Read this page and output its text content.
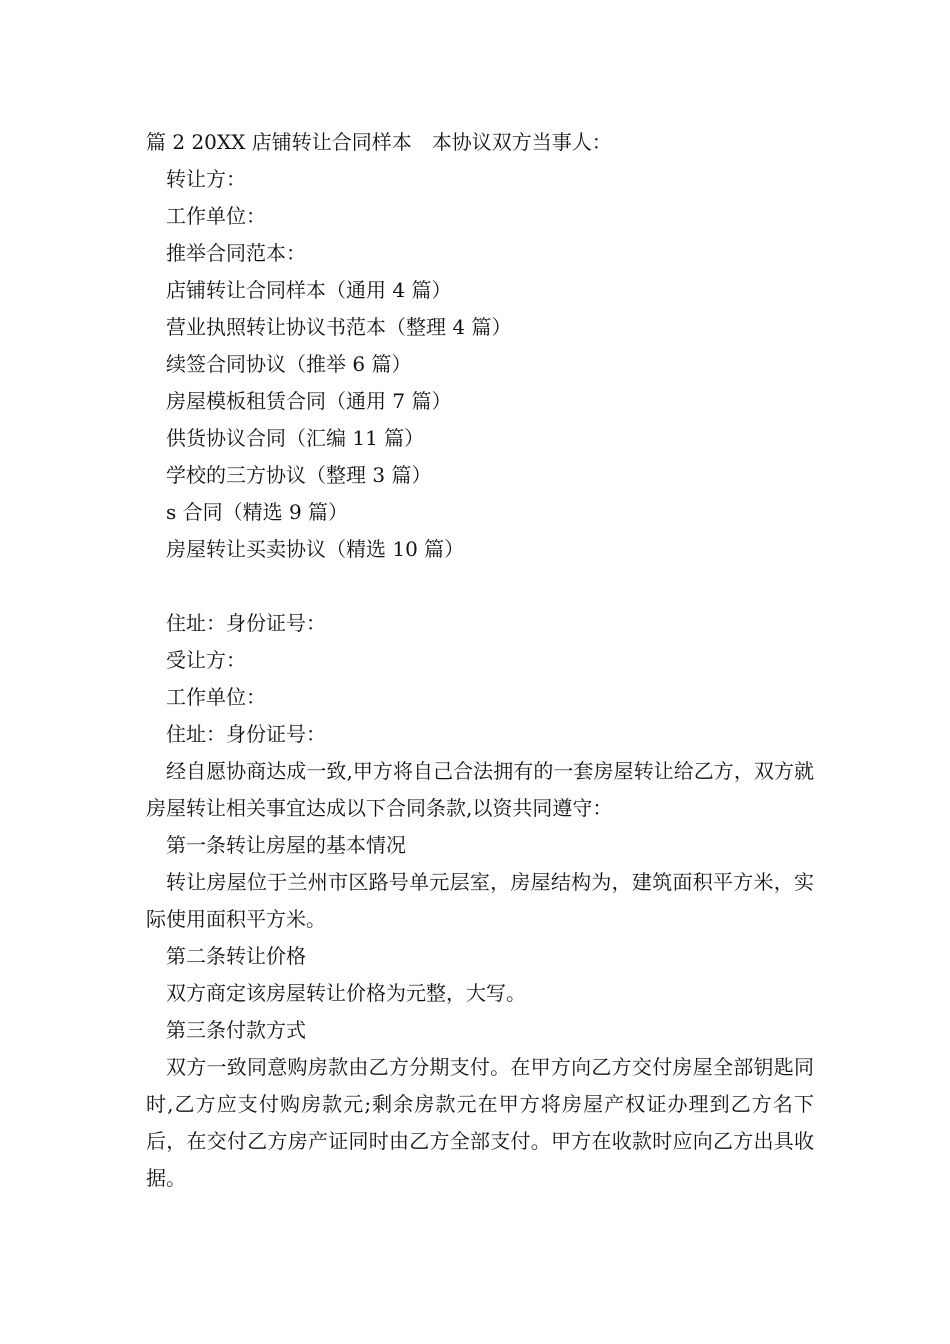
篇 2 20XX 店铺转让合同样本　本协议双方当事人：
转让方：
工作单位：
推举合同范本：
店铺转让合同样本（通用 4 篇）
营业执照转让协议书范本（整理 4 篇）
续签合同协议（推举 6 篇）
房屋模板租赁合同（通用 7 篇）
供货协议合同（汇编 11 篇）
学校的三方协议（整理 3 篇）
s 合同（精选 9 篇）
房屋转让买卖协议（精选 10 篇）
住址：身份证号：
受让方：
工作单位：
住址：身份证号：
经自愿协商达成一致,甲方将自己合法拥有的一套房屋转让给乙方，双方就房屋转让相关事宜达成以下合同条款,以资共同遵守：
第一条转让房屋的基本情况
转让房屋位于兰州市区路号单元层室，房屋结构为，建筑面积平方米，实际使用面积平方米。
第二条转让价格
双方商定该房屋转让价格为元整，大写。
第三条付款方式
双方一致同意购房款由乙方分期支付。在甲方向乙方交付房屋全部钥匙同时,乙方应支付购房款元;剩余房款元在甲方将房屋产权证办理到乙方名下后，在交付乙方房产证同时由乙方全部支付。甲方在收款时应向乙方出具收据。
